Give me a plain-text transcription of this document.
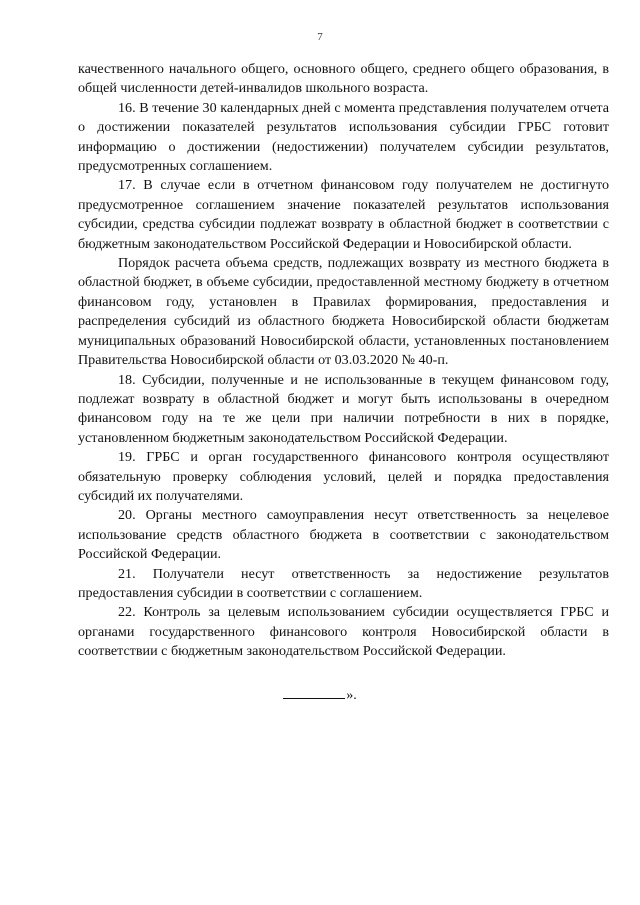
7

качественного начального общего, основного общего, среднего общего образования, в общей численности детей-инвалидов школьного возраста.

16. В течение 30 календарных дней с момента представления получателем отчета о достижении показателей результатов использования субсидии ГРБС готовит информацию о достижении (недостижении) получателем субсидии результатов, предусмотренных соглашением.

17. В случае если в отчетном финансовом году получателем не достигнуто предусмотренное соглашением значение показателей результатов использования субсидии, средства субсидии подлежат возврату в областной бюджет в соответствии с бюджетным законодательством Российской Федерации и Новосибирской области.

Порядок расчета объема средств, подлежащих возврату из местного бюджета в областной бюджет, в объеме субсидии, предоставленной местному бюджету в отчетном финансовом году, установлен в Правилах формирования, предоставления и распределения субсидий из областного бюджета Новосибирской области бюджетам муниципальных образований Новосибирской области, установленных постановлением Правительства Новосибирской области от 03.03.2020 № 40-п.

18. Субсидии, полученные и не использованные в текущем финансовом году, подлежат возврату в областной бюджет и могут быть использованы в очередном финансовом году на те же цели при наличии потребности в них в порядке, установленном бюджетным законодательством Российской Федерации.

19. ГРБС и орган государственного финансового контроля осуществляют обязательную проверку соблюдения условий, целей и порядка предоставления субсидий их получателями.

20. Органы местного самоуправления несут ответственность за нецелевое использование средств областного бюджета в соответствии с законодательством Российской Федерации.

21. Получатели несут ответственность за недостижение результатов предоставления субсидии в соответствии с соглашением.

22. Контроль за целевым использованием субсидии осуществляется ГРБС и органами государственного финансового контроля Новосибирской области в соответствии с бюджетным законодательством Российской Федерации.

».
